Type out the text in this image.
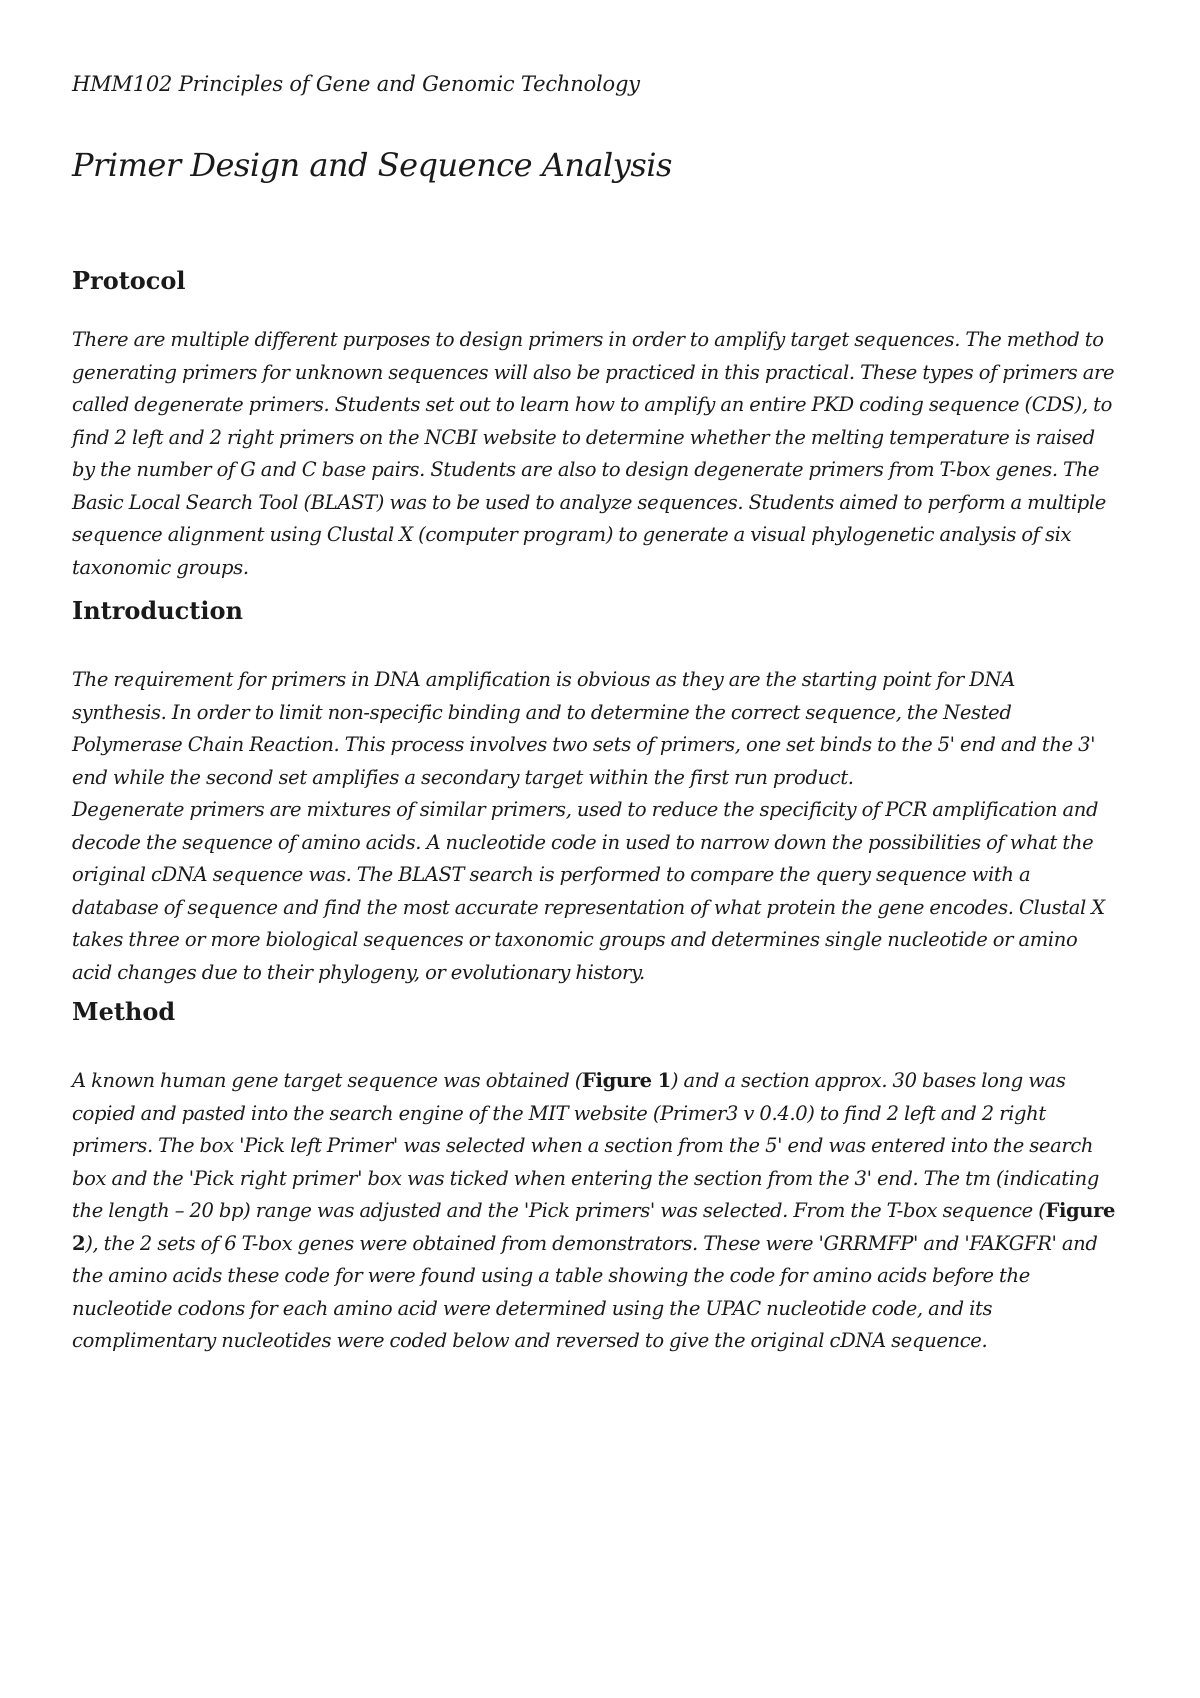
HMM102 Principles of Gene and Genomic Technology
Primer Design and Sequence Analysis
Protocol
There are multiple different purposes to design primers in order to amplify target sequences. The method to
generating primers for unknown sequences will also be practiced in this practical. These types of primers are
called degenerate primers. Students set out to learn how to amplify an entire PKD coding sequence (CDS), to
find 2 left and 2 right primers on the NCBI website to determine whether the melting temperature is raised
by the number of G and C base pairs. Students are also to design degenerate primers from T-box genes. The
Basic Local Search Tool (BLAST) was to be used to analyze sequences. Students aimed to perform a multiple
sequence alignment using Clustal X (computer program) to generate a visual phylogenetic analysis of six
taxonomic groups.
Introduction
The requirement for primers in DNA amplification is obvious as they are the starting point for DNA
synthesis. In order to limit non-specific binding and to determine the correct sequence, the Nested
Polymerase Chain Reaction. This process involves two sets of primers, one set binds to the 5' end and the 3'
end while the second set amplifies a secondary target within the first run product.
Degenerate primers are mixtures of similar primers, used to reduce the specificity of PCR amplification and
decode the sequence of amino acids. A nucleotide code in used to narrow down the possibilities of what the
original cDNA sequence was. The BLAST search is performed to compare the query sequence with a
database of sequence and find the most accurate representation of what protein the gene encodes. Clustal X
takes three or more biological sequences or taxonomic groups and determines single nucleotide or amino
acid changes due to their phylogeny, or evolutionary history.
Method
A known human gene target sequence was obtained (Figure 1) and a section approx. 30 bases long was
copied and pasted into the search engine of the MIT website (Primer3 v 0.4.0) to find 2 left and 2 right
primers. The box 'Pick left Primer' was selected when a section from the 5' end was entered into the search
box and the 'Pick right primer' box was ticked when entering the section from the 3' end. The tm (indicating
the length – 20 bp) range was adjusted and the 'Pick primers' was selected. From the T-box sequence (Figure
2), the 2 sets of 6 T-box genes were obtained from demonstrators. These were 'GRRMFP' and 'FAKGFR' and
the amino acids these code for were found using a table showing the code for amino acids before the
nucleotide codons for each amino acid were determined using the UPAC nucleotide code, and its
complimentary nucleotides were coded below and reversed to give the original cDNA sequence.
